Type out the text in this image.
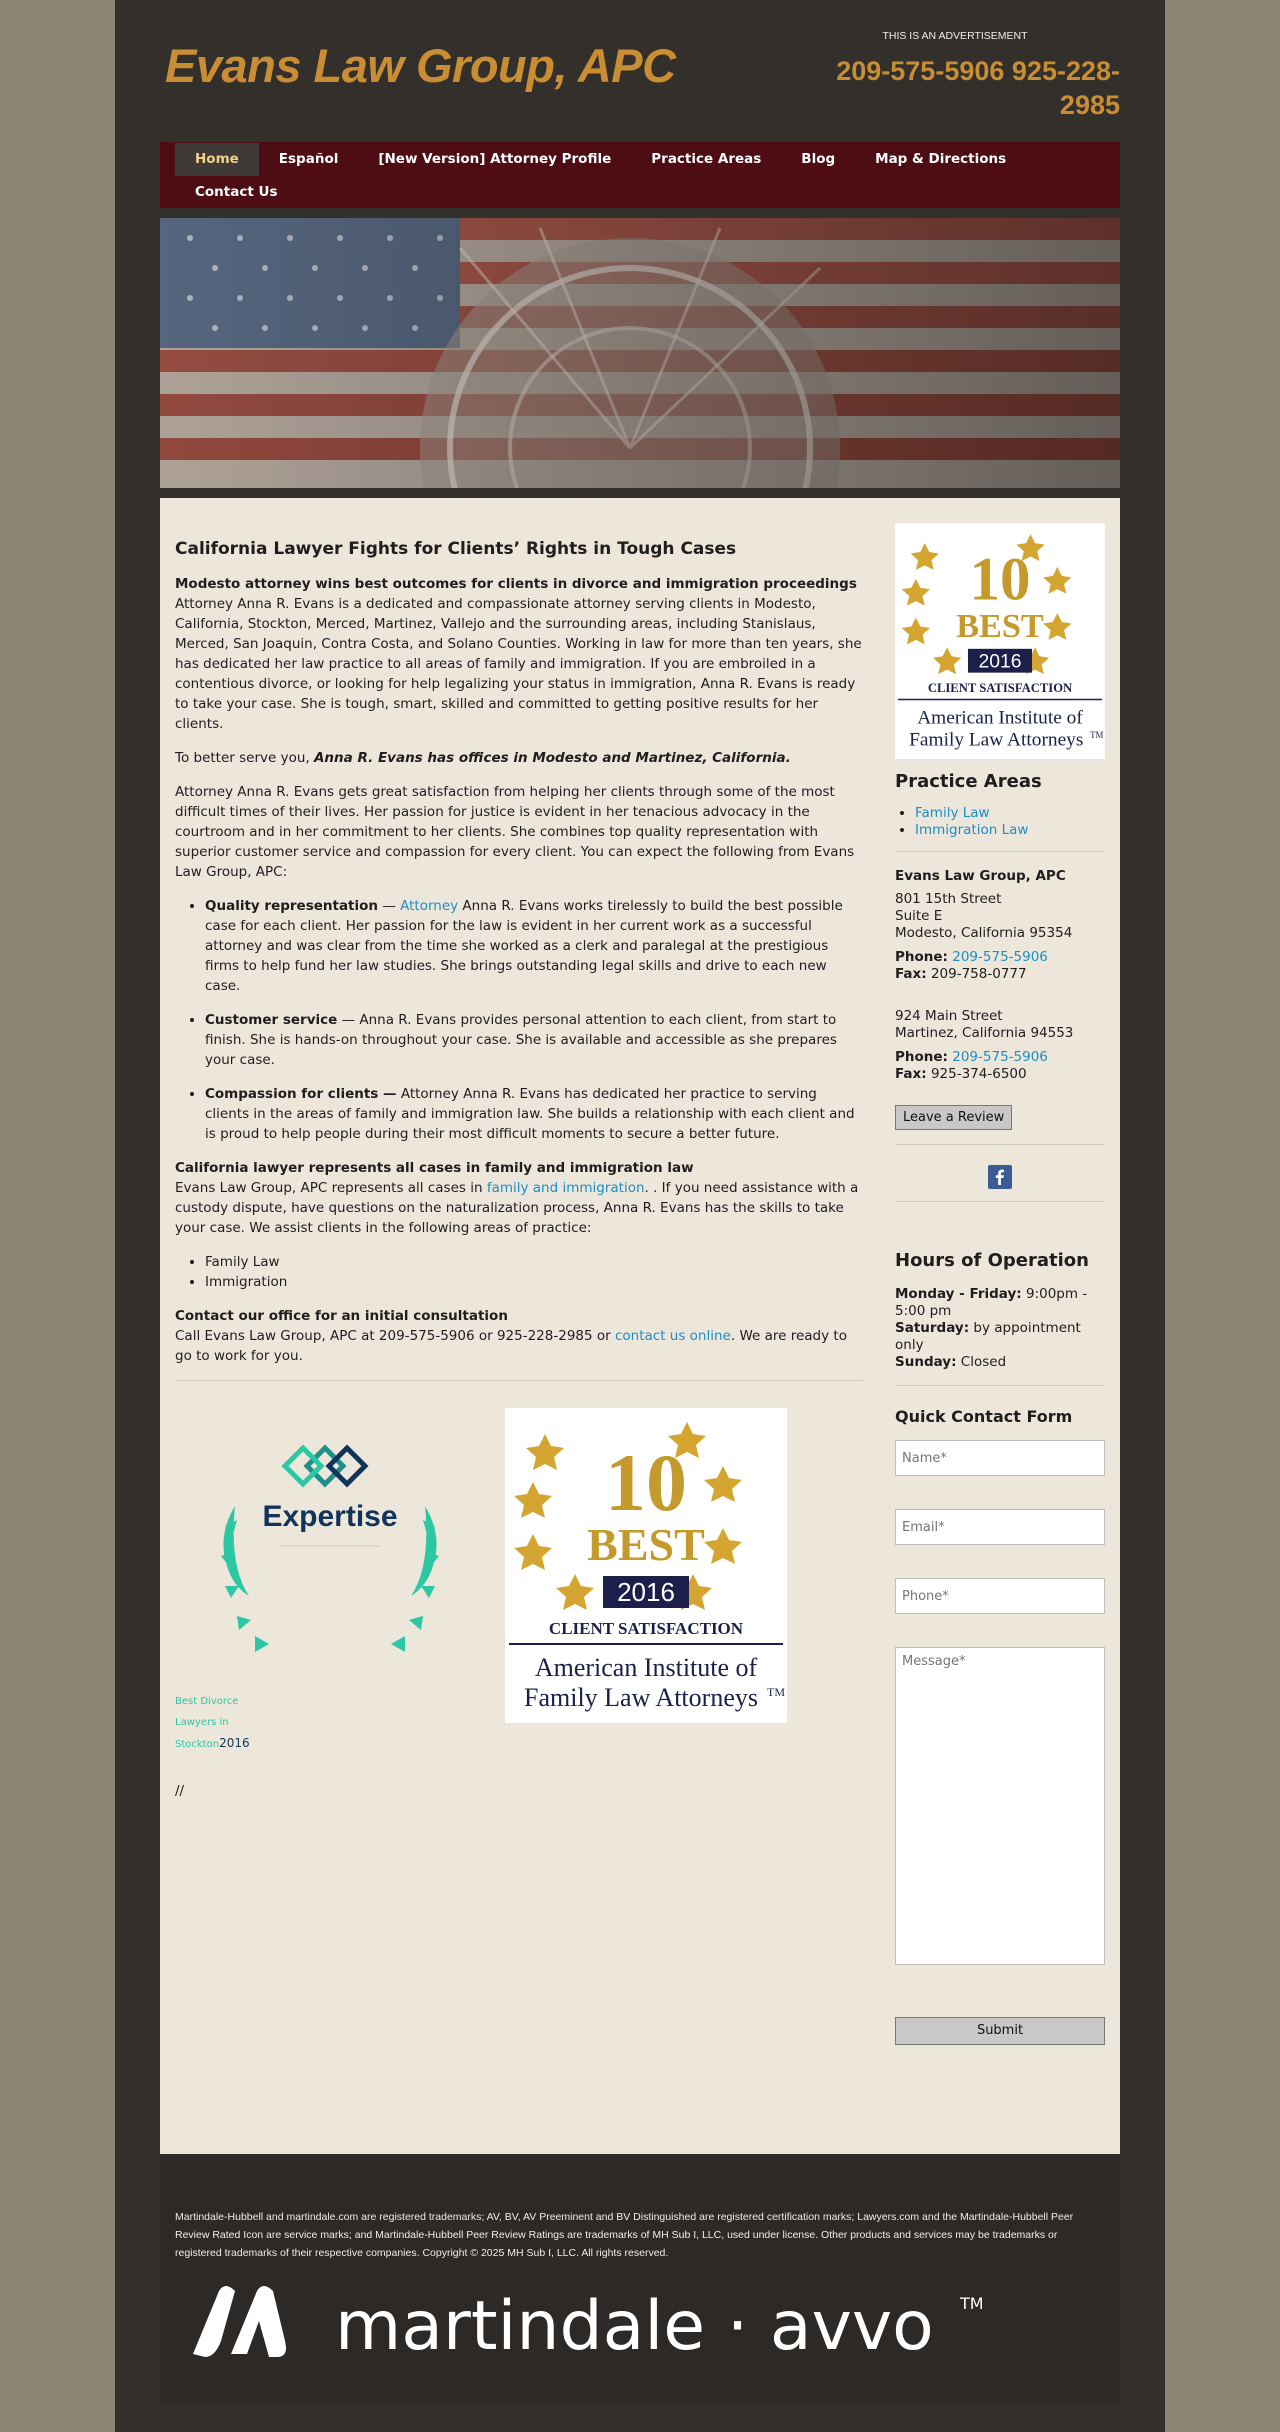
Evans Law Group, APC
THIS IS AN ADVERTISEMENT
209-575-5906 925-228-2985
Home	Español	[New Version] Attorney Profile	Practice Areas	Blog	Map & Directions
Contact Us
California Lawyer Fights for Clients’ Rights in Tough Cases

Modesto attorney wins best outcomes for clients in divorce and immigration proceedings
Attorney Anna R. Evans is a dedicated and compassionate attorney serving clients in Modesto, California, Stockton, Merced, Martinez, Vallejo and the surrounding areas, including Stanislaus, Merced, San Joaquin, Contra Costa, and Solano Counties. Working in law for more than ten years, she has dedicated her law practice to all areas of family and immigration. If you are embroiled in a contentious divorce, or looking for help legalizing your status in immigration, Anna R. Evans is ready to take your case. She is tough, smart, skilled and committed to getting positive results for her clients.

To better serve you, Anna R. Evans has offices in Modesto and Martinez, California.

Attorney Anna R. Evans gets great satisfaction from helping her clients through some of the most difficult times of their lives. Her passion for justice is evident in her tenacious advocacy in the courtroom and in her commitment to her clients. She combines top quality representation with superior customer service and compassion for every client. You can expect the following from Evans Law Group, APC:

• Quality representation — Attorney Anna R. Evans works tirelessly to build the best possible case for each client. Her passion for the law is evident in her current work as a successful attorney and was clear from the time she worked as a clerk and paralegal at the prestigious firms to help fund her law studies. She brings outstanding legal skills and drive to each new case.
• Customer service — Anna R. Evans provides personal attention to each client, from start to finish. She is hands-on throughout your case. She is available and accessible as she prepares your case.
• Compassion for clients — Attorney Anna R. Evans has dedicated her practice to serving clients in the areas of family and immigration law. She builds a relationship with each client and is proud to help people during their most difficult moments to secure a better future.

California lawyer represents all cases in family and immigration law
Evans Law Group, APC represents all cases in family and immigration. . If you need assistance with a custody dispute, have questions on the naturalization process, Anna R. Evans has the skills to take your case. We assist clients in the following areas of practice:

• Family Law
• Immigration

Contact our office for an initial consultation
Call Evans Law Group, APC at 209-575-5906 or 925-228-2985 or contact us online. We are ready to go to work for you.

Expertise
Best Divorce
Lawyers in
Stockton2016
10
BEST
2016
CLIENT SATISFACTION
American Institute of
Family Law Attorneys TM
//
10
BEST
2016
CLIENT SATISFACTION
American Institute of
Family Law Attorneys TM
Practice Areas
• Family Law
• Immigration Law
Evans Law Group, APC
801 15th Street
Suite E
Modesto, California 95354
Phone: 209-575-5906
Fax: 209-758-0777
924 Main Street
Martinez, California 94553
Phone: 209-575-5906
Fax: 925-374-6500
Leave a Review
Hours of Operation
Monday - Friday: 9:00pm - 5:00 pm
Saturday: by appointment only
Sunday: Closed
Quick Contact Form
Name* Email* Phone*
Message* Submit

Martindale-Hubbell and martindale.com are registered trademarks; AV, BV, AV Preeminent and BV Distinguished are registered certification marks; Lawyers.com and the Martindale-Hubbell Peer Review Rated Icon are service marks; and Martindale-Hubbell Peer Review Ratings are trademarks of MH Sub I, LLC, used under license. Other products and services may be trademarks or registered trademarks of their respective companies. Copyright © 2025 MH Sub I, LLC. All rights reserved.

martindale · avvo TM
